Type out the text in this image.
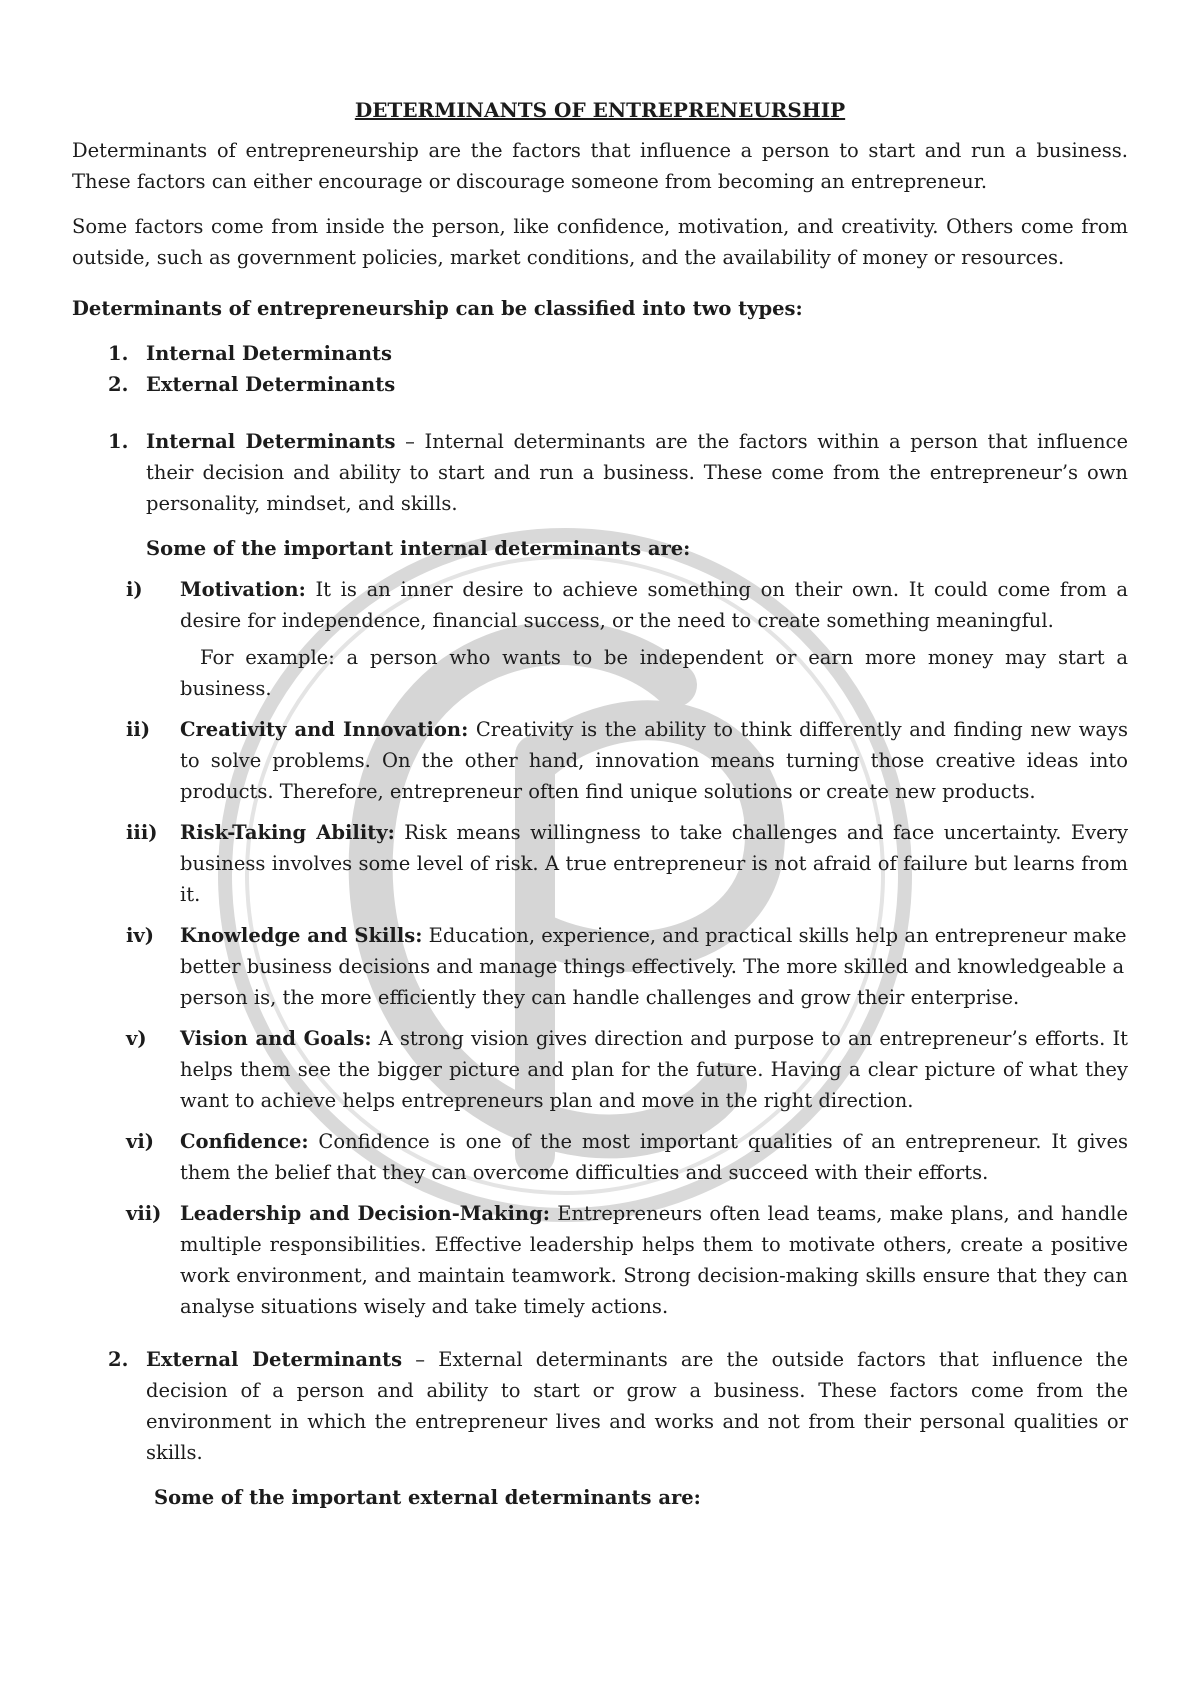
DETERMINANTS OF ENTREPRENEURSHIP

Determinants of entrepreneurship are the factors that influence a person to start and run a business. These factors can either encourage or discourage someone from becoming an entrepreneur.

Some factors come from inside the person, like confidence, motivation, and creativity. Others come from outside, such as government policies, market conditions, and the availability of money or resources.

Determinants of entrepreneurship can be classified into two types:

1. Internal Determinants
2. External Determinants
1. Internal Determinants – Internal determinants are the factors within a person that influence their decision and ability to start and run a business. These come from the entrepreneur’s own personality, mindset, and skills.
Some of the important internal determinants are:
i)	Motivation: It is an inner desire to achieve something on their own. It could come from a desire for independence, financial success, or the need to create something meaningful.
For example: a person who wants to be independent or earn more money may start a business.
ii)	Creativity and Innovation: Creativity is the ability to think differently and finding new ways to solve problems. On the other hand, innovation means turning those creative ideas into products. Therefore, entrepreneur often find unique solutions or create new products.
iii)	Risk-Taking Ability: Risk means willingness to take challenges and face uncertainty. Every business involves some level of risk. A true entrepreneur is not afraid of failure but learns from it.
iv)	Knowledge and Skills: Education, experience, and practical skills help an entrepreneur make better business decisions and manage things effectively. The more skilled and knowledgeable a person is, the more efficiently they can handle challenges and grow their enterprise.
v)	Vision and Goals: A strong vision gives direction and purpose to an entrepreneur’s efforts. It helps them see the bigger picture and plan for the future. Having a clear picture of what they want to achieve helps entrepreneurs plan and move in the right direction.
vi)	Confidence: Confidence is one of the most important qualities of an entrepreneur. It gives them the belief that they can overcome difficulties and succeed with their efforts.
vii) Leadership and Decision-Making: Entrepreneurs often lead teams, make plans, and handle multiple responsibilities. Effective leadership helps them to motivate others, create a positive work environment, and maintain teamwork. Strong decision-making skills ensure that they can analyse situations wisely and take timely actions.
2. External Determinants – External determinants are the outside factors that influence the decision of a person and ability to start or grow a business. These factors come from the environment in which the entrepreneur lives and works and not from their personal qualities or skills.
Some of the important external determinants are:
